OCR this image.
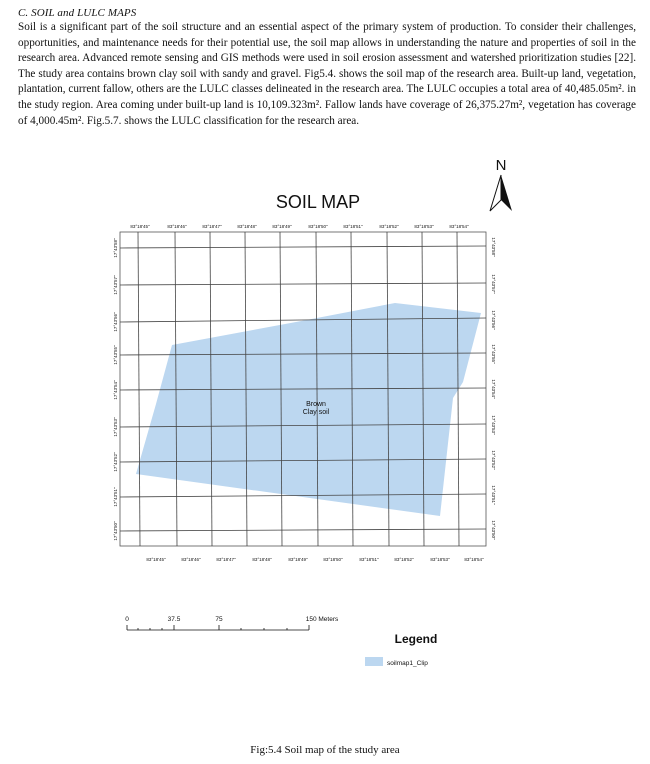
C. SOIL and LULC MAPS

Soil is a significant part of the soil structure and an essential aspect of the primary system of production. To consider their challenges, opportunities, and maintenance needs for their potential use, the soil map allows in understanding the nature and properties of soil in the research area. Advanced remote sensing and GIS methods were used in soil erosion assessment and watershed prioritization studies [22]. The study area contains brown clay soil with sandy and gravel. Fig5.4. shows the soil map of the research area. Built-up land, vegetation, plantation, current fallow, others are the LULC classes delineated in the research area. The LULC occupies a total area of 40,485.05m². in the study region. Area coming under built-up land is 10,109.323m². Fallow lands have coverage of 26,375.27m², vegetation has coverage of 4,000.45m². Fig.5.7. shows the LULC classification for the research area.

SOIL MAP
N
Brown
Clay soil
83°18'45"	83°18'46"	83°18'47"	83°18'48"	83°18'49"	83°18'50"	83°18'51"	83°18'52"	83°18'53"	83°18'54"
83°18'45"	83°18'46"	83°18'47"	83°18'48"	83°18'49"	83°18'50"	83°18'51"	83°18'52"	83°18'53"	83°18'54"
17°43'58"
17°43'57"
17°43'56"
17°43'55"
17°43'54"
17°43'53"
17°43'52"
17°43'51"
17°43'50"
17°43'58"
17°43'57"
17°43'56"
17°43'55"
17°43'54"
17°43'53"
17°43'52"
17°43'51"
17°43'50"
0	37.5	75	150 Meters
Legend
soilmap1_Clip
Fig:5.4 Soil map of the study area
